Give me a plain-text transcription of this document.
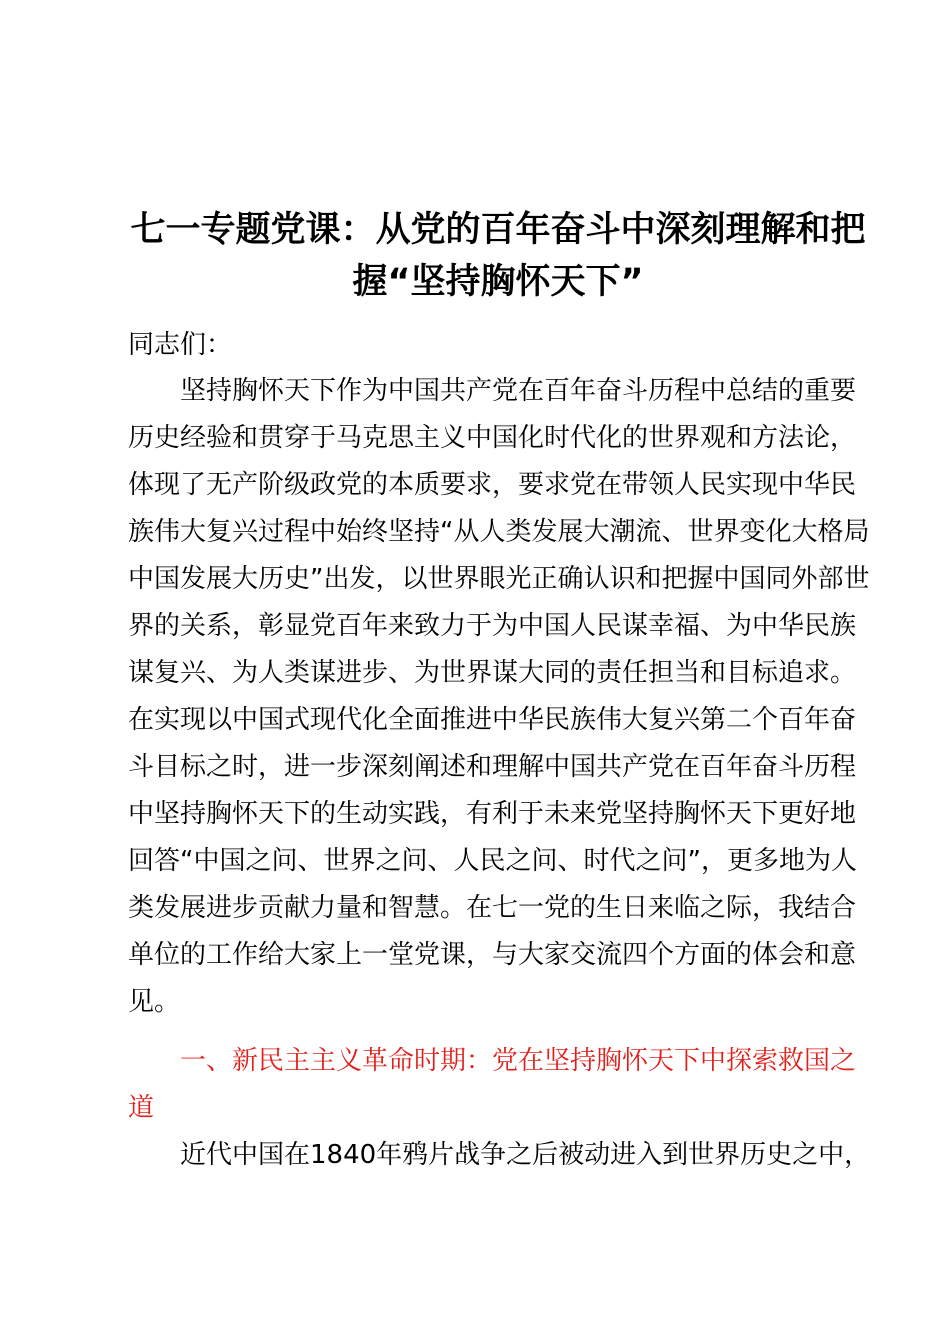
七一专题党课：从党的百年奋斗中深刻理解和把
握“坚持胸怀天下”
同志们：

　　坚持胸怀天下作为中国共产党在百年奋斗历程中总结的重要
历史经验和贯穿于马克思主义中国化时代化的世界观和方法论，
体现了无产阶级政党的本质要求，要求党在带领人民实现中华民
族伟大复兴过程中始终坚持“从人类发展大潮流、世界变化大格局
中国发展大历史”出发，以世界眼光正确认识和把握中国同外部世
界的关系，彰显党百年来致力于为中国人民谋幸福、为中华民族
谋复兴、为人类谋进步、为世界谋大同的责任担当和目标追求。
在实现以中国式现代化全面推进中华民族伟大复兴第二个百年奋
斗目标之时，进一步深刻阐述和理解中国共产党在百年奋斗历程
中坚持胸怀天下的生动实践，有利于未来党坚持胸怀天下更好地
回答“中国之问、世界之问、人民之问、时代之问”，更多地为人
类发展进步贡献力量和智慧。在七一党的生日来临之际，我结合
单位的工作给大家上一堂党课，与大家交流四个方面的体会和意
见。

　　一、新民主主义革命时期：党在坚持胸怀天下中探索救国之
道

　　近代中国在1840年鸦片战争之后被动进入到世界历史之中，
